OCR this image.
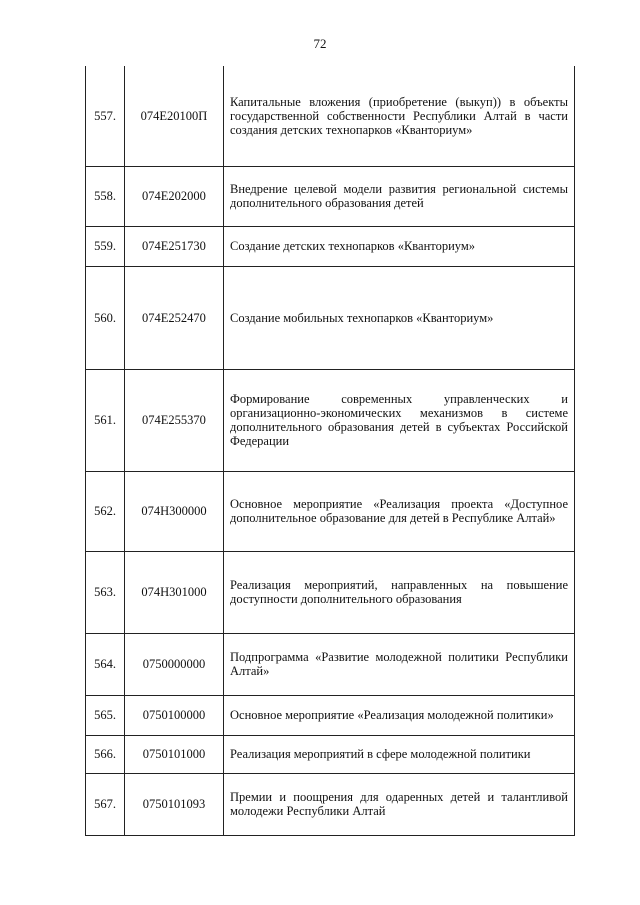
72
557.	074E20100П	Капитальные вложения (приобретение (выкуп)) в объекты государственной собственности Республики Алтай в части создания детских технопарков «Кванториум»
558.	074E202000	Внедрение целевой модели развития региональной системы дополнительного образования детей
559.	074E251730	Создание детских технопарков «Кванториум»
560.	074E252470	Создание мобильных технопарков «Кванториум»
561.	074E255370	Формирование современных управленческих и организационно-экономических механизмов в системе дополнительного образования детей в субъектах Российской Федерации
562.	074Н300000	Основное мероприятие «Реализация проекта «Доступное дополнительное образование для детей в Республике Алтай»
563.	074Н301000	Реализация мероприятий, направленных на повышение доступности дополнительного образования
564.	0750000000	Подпрограмма «Развитие молодежной политики Республики Алтай»
565.	0750100000	Основное мероприятие «Реализация молодежной политики»
566.	0750101000	Реализация мероприятий в сфере молодежной политики
567.	0750101093	Премии и поощрения для одаренных детей и талантливой молодежи Республики Алтай
